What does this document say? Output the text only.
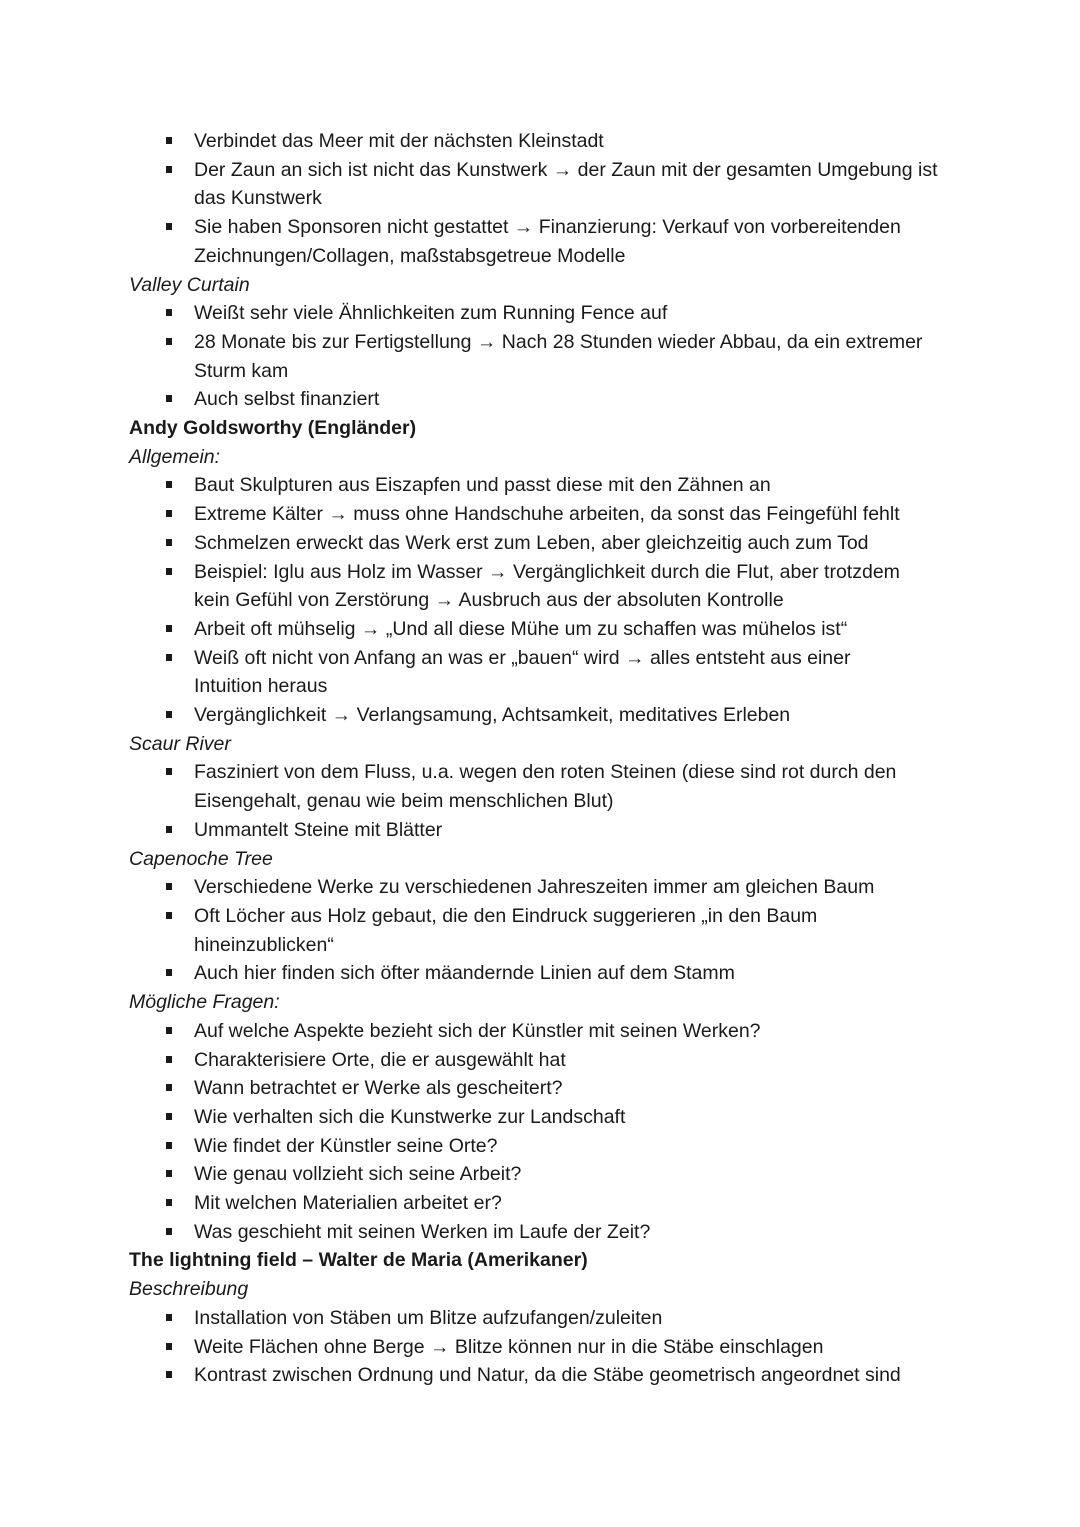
Verbindet das Meer mit der nächsten Kleinstadt
Der Zaun an sich ist nicht das Kunstwerk → der Zaun mit der gesamten Umgebung ist
das Kunstwerk
Sie haben Sponsoren nicht gestattet → Finanzierung: Verkauf von vorbereitenden
Zeichnungen/Collagen, maßstabsgetreue Modelle
Valley Curtain
Weißt sehr viele Ähnlichkeiten zum Running Fence auf
28 Monate bis zur Fertigstellung → Nach 28 Stunden wieder Abbau, da ein extremer
Sturm kam
Auch selbst finanziert
Andy Goldsworthy (Engländer)
Allgemein:
Baut Skulpturen aus Eiszapfen und passt diese mit den Zähnen an
Extreme Kälter → muss ohne Handschuhe arbeiten, da sonst das Feingefühl fehlt
Schmelzen erweckt das Werk erst zum Leben, aber gleichzeitig auch zum Tod
Beispiel: Iglu aus Holz im Wasser → Vergänglichkeit durch die Flut, aber trotzdem
kein Gefühl von Zerstörung → Ausbruch aus der absoluten Kontrolle
Arbeit oft mühselig → „Und all diese Mühe um zu schaffen was mühelos ist“
Weiß oft nicht von Anfang an was er „bauen“ wird → alles entsteht aus einer
Intuition heraus
Vergänglichkeit → Verlangsamung, Achtsamkeit, meditatives Erleben
Scaur River
Fasziniert von dem Fluss, u.a. wegen den roten Steinen (diese sind rot durch den
Eisengehalt, genau wie beim menschlichen Blut)
Ummantelt Steine mit Blätter
Capenoche Tree
Verschiedene Werke zu verschiedenen Jahreszeiten immer am gleichen Baum
Oft Löcher aus Holz gebaut, die den Eindruck suggerieren „in den Baum
hineinzublicken“
Auch hier finden sich öfter mäandernde Linien auf dem Stamm
Mögliche Fragen:
Auf welche Aspekte bezieht sich der Künstler mit seinen Werken?
Charakterisiere Orte, die er ausgewählt hat
Wann betrachtet er Werke als gescheitert?
Wie verhalten sich die Kunstwerke zur Landschaft
Wie findet der Künstler seine Orte?
Wie genau vollzieht sich seine Arbeit?
Mit welchen Materialien arbeitet er?
Was geschieht mit seinen Werken im Laufe der Zeit?
The lightning field – Walter de Maria (Amerikaner)
Beschreibung
Installation von Stäben um Blitze aufzufangen/zuleiten
Weite Flächen ohne Berge → Blitze können nur in die Stäbe einschlagen
Kontrast zwischen Ordnung und Natur, da die Stäbe geometrisch angeordnet sind
